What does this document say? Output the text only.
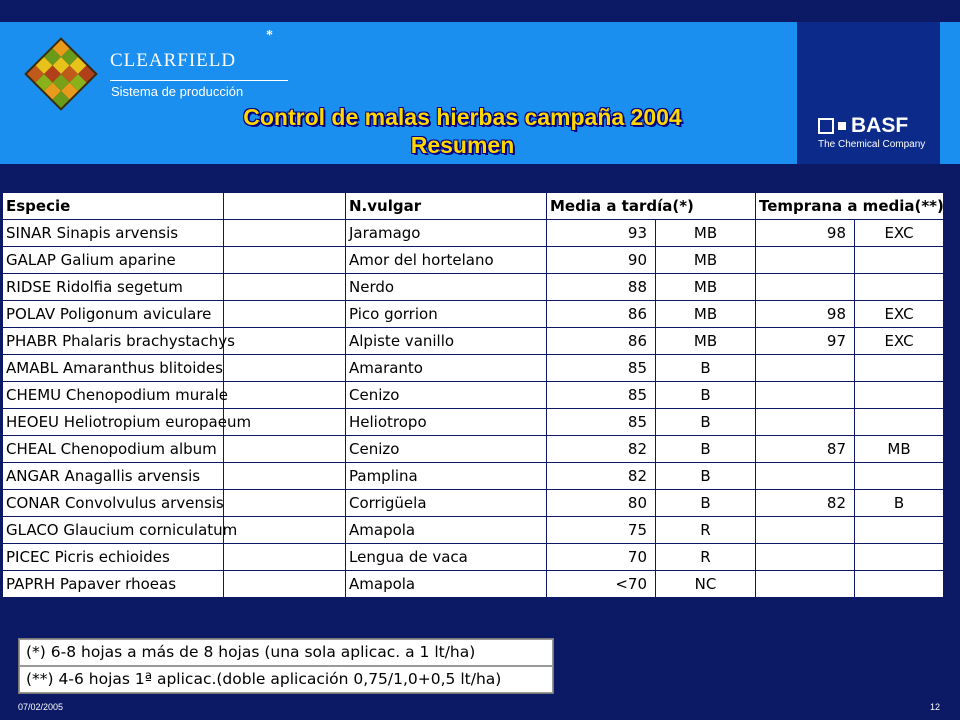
*
CLEARFIELD
Sistema de producción
BASF
The Chemical Company
Control de malas hierbas campaña 2004
Resumen
Especie		N.vulgar	Media a tardía(*)		Temprana a media(**)	
SINAR Sinapis arvensis		Jaramago	93	MB	98	EXC
GALAP Galium aparine		Amor del hortelano	90	MB		
RIDSE Ridolfia segetum		Nerdo	88	MB		
POLAV Poligonum aviculare		Pico gorrion	86	MB	98	EXC
PHABR Phalaris brachystachys		Alpiste vanillo	86	MB	97	EXC
AMABL Amaranthus blitoides		Amaranto	85	B		
CHEMU Chenopodium murale		Cenizo	85	B		
HEOEU Heliotropium europaeum		Heliotropo	85	B		
CHEAL Chenopodium album		Cenizo	82	B	87	MB
ANGAR Anagallis arvensis		Pamplina	82	B		
CONAR Convolvulus arvensis		Corrigüela	80	B	82	B
GLACO Glaucium corniculatum		Amapola	75	R		
PICEC Picris echioides		Lengua de vaca	70	R		
PAPRH Papaver rhoeas		Amapola	<70	NC		
(*) 6-8 hojas a más de 8 hojas (una sola aplicac. a 1 lt/ha)
(**) 4-6 hojas 1ª aplicac.(doble aplicación 0,75/1,0+0,5 lt/ha)
07/02/2005	12
